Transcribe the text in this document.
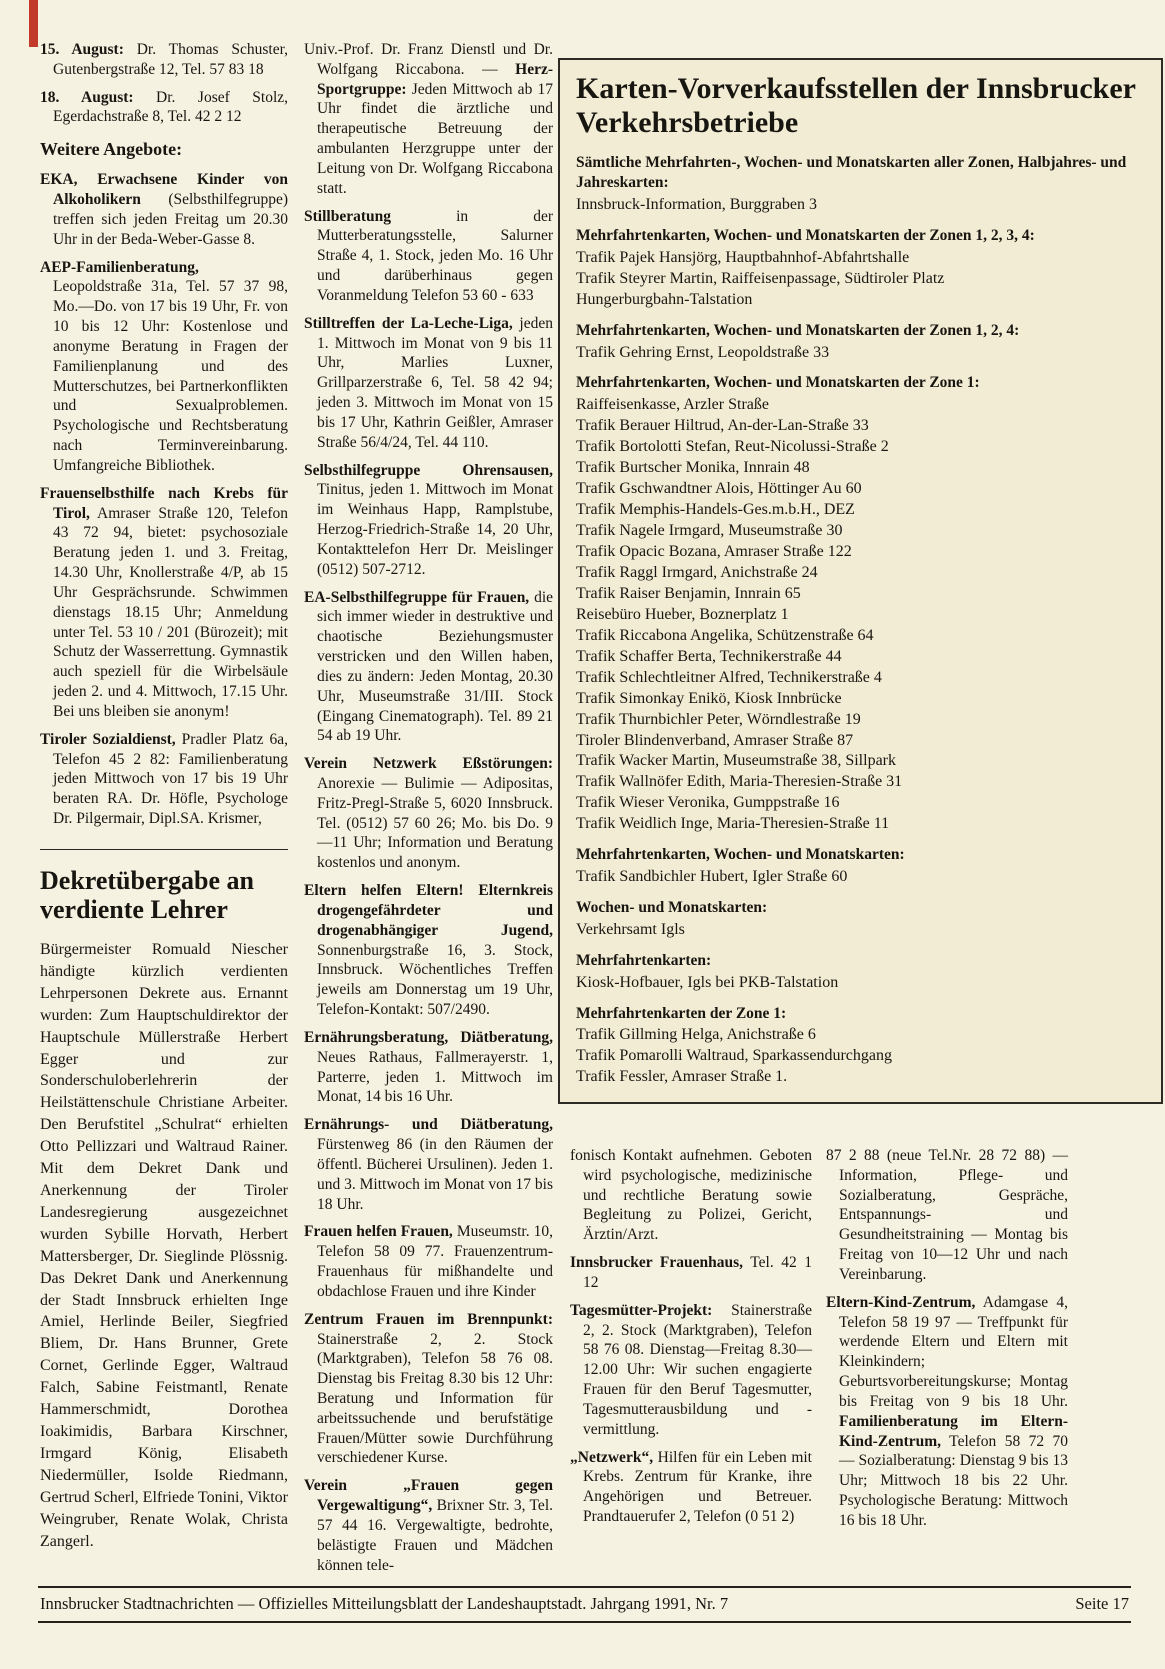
15. August: Dr. Thomas Schuster, Gutenbergstraße 12, Tel. 57 83 18

18. August: Dr. Josef Stolz, Egerdachstraße 8, Tel. 42 2 12

Weitere Angebote:

EKA, Erwachsene Kinder von Alkoholikern (Selbsthilfegruppe) treffen sich jeden Freitag um 20.30 Uhr in der Beda-Weber-Gasse 8.

AEP-Familienberatung, Leopoldstraße 31a, Tel. 57 37 98, Mo.—Do. von 17 bis 19 Uhr, Fr. von 10 bis 12 Uhr: Kostenlose und anonyme Beratung in Fragen der Familienplanung und des Mutterschutzes, bei Partnerkonflikten und Sexualproblemen. Psychologische und Rechtsberatung nach Terminvereinbarung. Umfangreiche Bibliothek.

Frauenselbsthilfe nach Krebs für Tirol, Amraser Straße 120, Telefon 43 72 94, bietet: psychosoziale Beratung jeden 1. und 3. Freitag, 14.30 Uhr, Knollerstraße 4/P, ab 15 Uhr Gesprächsrunde. Schwimmen dienstags 18.15 Uhr; Anmeldung unter Tel. 53 10 / 201 (Bürozeit); mit Schutz der Wasserrettung. Gymnastik auch speziell für die Wirbelsäule jeden 2. und 4. Mittwoch, 17.15 Uhr. Bei uns bleiben sie anonym!

Tiroler Sozialdienst, Pradler Platz 6a, Telefon 45 2 82: Familienberatung jeden Mittwoch von 17 bis 19 Uhr beraten RA. Dr. Höfle, Psychologe Dr. Pilgermair, Dipl.SA. Krismer,

Dekretübergabe an verdiente Lehrer

Bürgermeister Romuald Niescher händigte kürzlich verdienten Lehrpersonen Dekrete aus. Ernannt wurden: Zum Hauptschuldirektor der Hauptschule Müllerstraße Herbert Egger und zur Sonderschuloberlehrerin der Heilstättenschule Christiane Arbeiter. Den Berufstitel „Schulrat“ erhielten Otto Pellizzari und Waltraud Rainer. Mit dem Dekret Dank und Anerkennung der Tiroler Landesregierung ausgezeichnet wurden Sybille Horvath, Herbert Mattersberger, Dr. Sieglinde Plössnig. Das Dekret Dank und Anerkennung der Stadt Innsbruck erhielten Inge Amiel, Herlinde Beiler, Siegfried Bliem, Dr. Hans Brunner, Grete Cornet, Gerlinde Egger, Waltraud Falch, Sabine Feistmantl, Renate Hammerschmidt, Dorothea Ioakimidis, Barbara Kirschner, Irmgard König, Elisabeth Niedermüller, Isolde Riedmann, Gertrud Scherl, Elfriede Tonini, Viktor Weingruber, Renate Wolak, Christa Zangerl.

Univ.-Prof. Dr. Franz Dienstl und Dr. Wolfgang Riccabona. — Herz-Sportgruppe: Jeden Mittwoch ab 17 Uhr findet die ärztliche und therapeutische Betreuung der ambulanten Herzgruppe unter der Leitung von Dr. Wolfgang Riccabona statt.

Stillberatung in der Mutterberatungsstelle, Salurner Straße 4, 1. Stock, jeden Mo. 16 Uhr und darüberhinaus gegen Voranmeldung Telefon 53 60 - 633

Stilltreffen der La-Leche-Liga, jeden 1. Mittwoch im Monat von 9 bis 11 Uhr, Marlies Luxner, Grillparzerstraße 6, Tel. 58 42 94; jeden 3. Mittwoch im Monat von 15 bis 17 Uhr, Kathrin Geißler, Amraser Straße 56/4/24, Tel. 44 110.

Selbsthilfegruppe Ohrensausen, Tinitus, jeden 1. Mittwoch im Monat im Weinhaus Happ, Ramplstube, Herzog-Friedrich-Straße 14, 20 Uhr, Kontakttelefon Herr Dr. Meislinger (0512) 507-2712.

EA-Selbsthilfegruppe für Frauen, die sich immer wieder in destruktive und chaotische Beziehungsmuster verstricken und den Willen haben, dies zu ändern: Jeden Montag, 20.30 Uhr, Museumstraße 31/III. Stock (Eingang Cinematograph). Tel. 89 21 54 ab 19 Uhr.

Verein Netzwerk Eßstörungen: Anorexie — Bulimie — Adipositas, Fritz-Pregl-Straße 5, 6020 Innsbruck. Tel. (0512) 57 60 26; Mo. bis Do. 9—11 Uhr; Information und Beratung kostenlos und anonym.

Eltern helfen Eltern! Elternkreis drogengefährdeter und drogenabhängiger Jugend, Sonnenburgstraße 16, 3. Stock, Innsbruck. Wöchentliches Treffen jeweils am Donnerstag um 19 Uhr, Telefon-Kontakt: 507/2490.

Ernährungsberatung, Diätberatung, Neues Rathaus, Fallmerayerstr. 1, Parterre, jeden 1. Mittwoch im Monat, 14 bis 16 Uhr.

Ernährungs- und Diätberatung, Fürstenweg 86 (in den Räumen der öffentl. Bücherei Ursulinen). Jeden 1. und 3. Mittwoch im Monat von 17 bis 18 Uhr.

Frauen helfen Frauen, Museumstr. 10, Telefon 58 09 77. Frauenzentrum-Frauenhaus für mißhandelte und obdachlose Frauen und ihre Kinder

Zentrum Frauen im Brennpunkt: Stainerstraße 2, 2. Stock (Marktgraben), Telefon 58 76 08. Dienstag bis Freitag 8.30 bis 12 Uhr: Beratung und Information für arbeitssuchende und berufstätige Frauen/Mütter sowie Durchführung verschiedener Kurse.

Verein „Frauen gegen Vergewaltigung“, Brixner Str. 3, Tel. 57 44 16. Vergewaltigte, bedrohte, belästigte Frauen und Mädchen können tele-

Karten-Vorverkaufsstellen der Innsbrucker Verkehrsbetriebe
Sämtliche Mehrfahrten-, Wochen- und Monatskarten aller Zonen, Halbjahres- und Jahreskarten:
Innsbruck-Information, Burggraben 3
Mehrfahrtenkarten, Wochen- und Monatskarten der Zonen 1, 2, 3, 4:
Trafik Pajek Hansjörg, Hauptbahnhof-Abfahrtshalle
Trafik Steyrer Martin, Raiffeisenpassage, Südtiroler Platz
Hungerburgbahn-Talstation
Mehrfahrtenkarten, Wochen- und Monatskarten der Zonen 1, 2, 4:
Trafik Gehring Ernst, Leopoldstraße 33
Mehrfahrtenkarten, Wochen- und Monatskarten der Zone 1:
Raiffeisenkasse, Arzler Straße
Trafik Berauer Hiltrud, An-der-Lan-Straße 33
Trafik Bortolotti Stefan, Reut-Nicolussi-Straße 2
Trafik Burtscher Monika, Innrain 48
Trafik Gschwandtner Alois, Höttinger Au 60
Trafik Memphis-Handels-Ges.m.b.H., DEZ
Trafik Nagele Irmgard, Museumstraße 30
Trafik Opacic Bozana, Amraser Straße 122
Trafik Raggl Irmgard, Anichstraße 24
Trafik Raiser Benjamin, Innrain 65
Reisebüro Hueber, Boznerplatz 1
Trafik Riccabona Angelika, Schützenstraße 64
Trafik Schaffer Berta, Technikerstraße 44
Trafik Schlechtleitner Alfred, Technikerstraße 4
Trafik Simonkay Enikö, Kiosk Innbrücke
Trafik Thurnbichler Peter, Wörndlestraße 19
Tiroler Blindenverband, Amraser Straße 87
Trafik Wacker Martin, Museumstraße 38, Sillpark
Trafik Wallnöfer Edith, Maria-Theresien-Straße 31
Trafik Wieser Veronika, Gumppstraße 16
Trafik Weidlich Inge, Maria-Theresien-Straße 11
Mehrfahrtenkarten, Wochen- und Monatskarten:
Trafik Sandbichler Hubert, Igler Straße 60
Wochen- und Monatskarten:
Verkehrsamt Igls
Mehrfahrtenkarten:
Kiosk-Hofbauer, Igls bei PKB-Talstation
Mehrfahrtenkarten der Zone 1:
Trafik Gillming Helga, Anichstraße 6
Trafik Pomarolli Waltraud, Sparkassendurchgang
Trafik Fessler, Amraser Straße 1.

fonisch Kontakt aufnehmen. Geboten wird psychologische, medizinische und rechtliche Beratung sowie Begleitung zu Polizei, Gericht, Ärztin/Arzt.

Innsbrucker Frauenhaus, Tel. 42 1 12

Tagesmütter-Projekt: Stainerstraße 2, 2. Stock (Marktgraben), Telefon 58 76 08. Dienstag—Freitag 8.30—12.00 Uhr: Wir suchen engagierte Frauen für den Beruf Tagesmutter, Tagesmutterausbildung und -vermittlung.

„Netzwerk“, Hilfen für ein Leben mit Krebs. Zentrum für Kranke, ihre Angehörigen und Betreuer. Prandtauerufer 2, Telefon (0 51 2)

87 2 88 (neue Tel.Nr. 28 72 88) — Information, Pflege- und Sozialberatung, Gespräche, Entspannungs- und Gesundheitstraining — Montag bis Freitag von 10—12 Uhr und nach Vereinbarung.

Eltern-Kind-Zentrum, Adamgase 4, Telefon 58 19 97 — Treffpunkt für werdende Eltern und Eltern mit Kleinkindern; Geburtsvorbereitungskurse; Montag bis Freitag von 9 bis 18 Uhr. Familienberatung im Eltern-Kind-Zentrum, Telefon 58 72 70 — Sozialberatung: Dienstag 9 bis 13 Uhr; Mittwoch 18 bis 22 Uhr. Psychologische Beratung: Mittwoch 16 bis 18 Uhr.

Innsbrucker Stadtnachrichten — Offizielles Mitteilungsblatt der Landeshauptstadt. Jahrgang 1991, Nr. 7	Seite 17
